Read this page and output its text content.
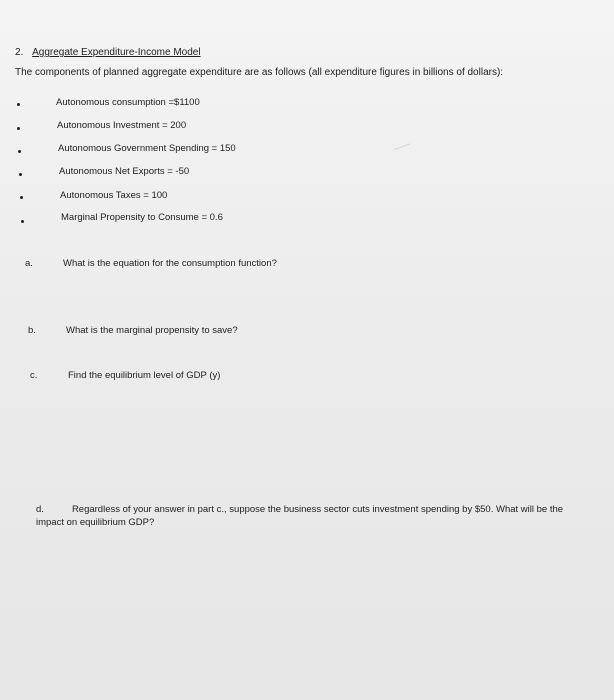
2. Aggregate Expenditure-Income Model
The components of planned aggregate expenditure are as follows (all expenditure figures in billions of dollars):
Autonomous consumption =$1100
Autonomous Investment = 200
Autonomous Government Spending = 150
Autonomous Net Exports = -50
Autonomous Taxes = 100
Marginal Propensity to Consume = 0.6
a.	What is the equation for the consumption function?
b.	What is the marginal propensity to save?
c.	Find the equilibrium level of GDP (y)
d.	Regardless of your answer in part c., suppose the business sector cuts investment spending by $50. What will be the impact on equilibrium GDP?
